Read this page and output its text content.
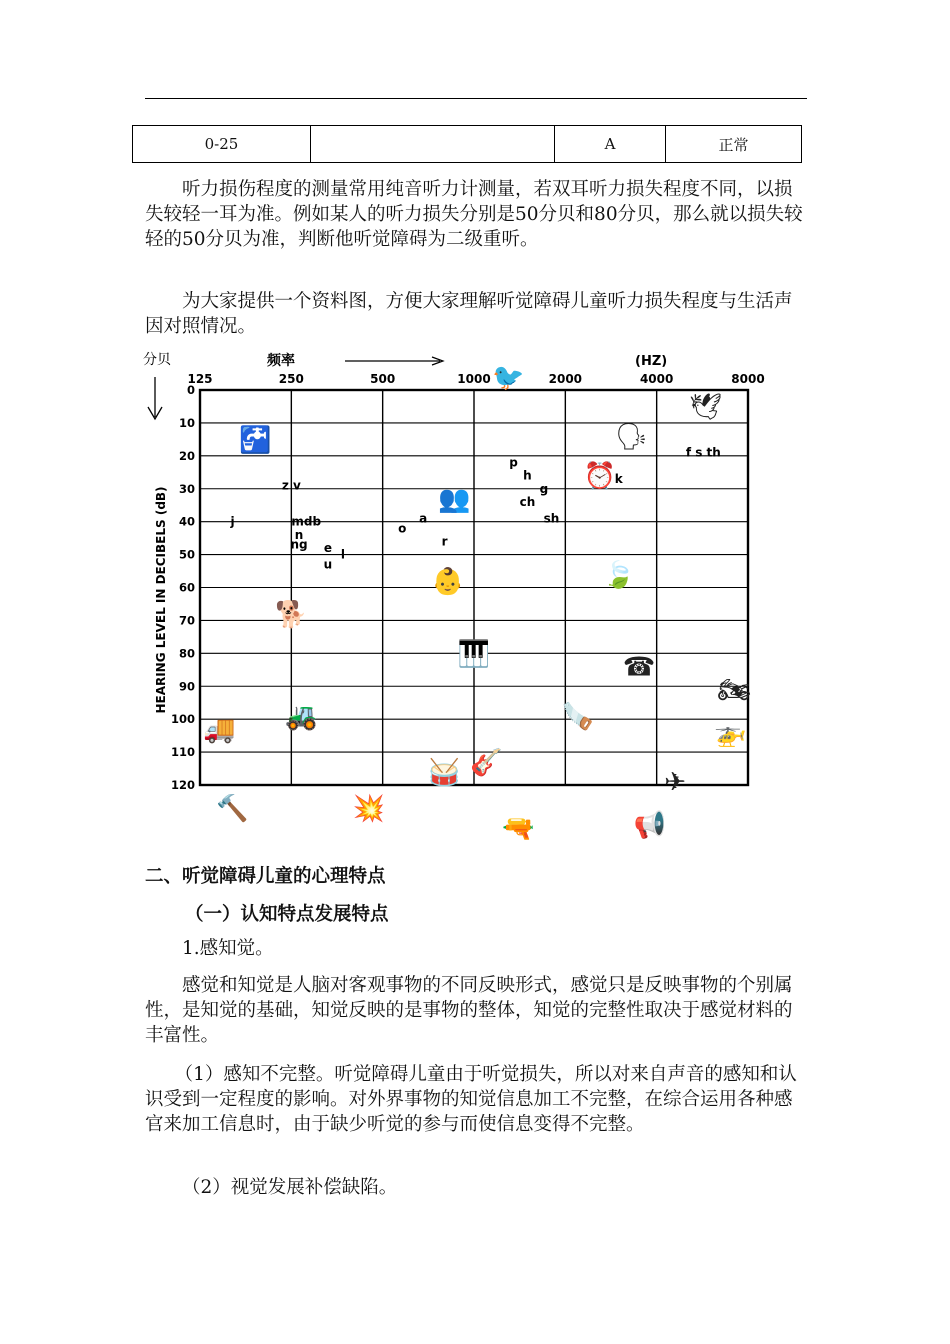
0-25		A	正常

听力损伤程度的测量常用纯音听力计测量，若双耳听力损失程度不同，以损失较轻一耳为准。例如某人的听力损失分别是50分贝和80分贝，那么就以损失较轻的50分贝为准，判断他听觉障碍为二级重听。

为大家提供一个资料图，方便大家理解听觉障碍儿童听力损失程度与生活声因对照情况。

分贝	频率	(HZ)
HEARING LEVEL IN DECIBELS (dB)
125	250	500	1000	2000	4000	8000
0
10
20
30
40
50
60
70
80
90
100
110
120
z v
j	mdb
n
ng e l
u
a
o
r
p
h
g
ch
sh
k
f s th
🐦
🕊
🚰	🗣
⏰
👥
👶
🐕
🍃
🎹	☎
🏍
🚜
🚚	🪚
🚁
🥁 🎸
✈
🔨	💥
🔫	📢
二、听觉障碍儿童的心理特点
（一）认知特点发展特点

1.感知觉。

感觉和知觉是人脑对客观事物的不同反映形式，感觉只是反映事物的个别属性，是知觉的基础，知觉反映的是事物的整体，知觉的完整性取决于感觉材料的丰富性。

（1）感知不完整。听觉障碍儿童由于听觉损失，所以对来自声音的感知和认识受到一定程度的影响。对外界事物的知觉信息加工不完整，在综合运用各种感官来加工信息时，由于缺少听觉的参与而使信息变得不完整。

（2）视觉发展补偿缺陷。
